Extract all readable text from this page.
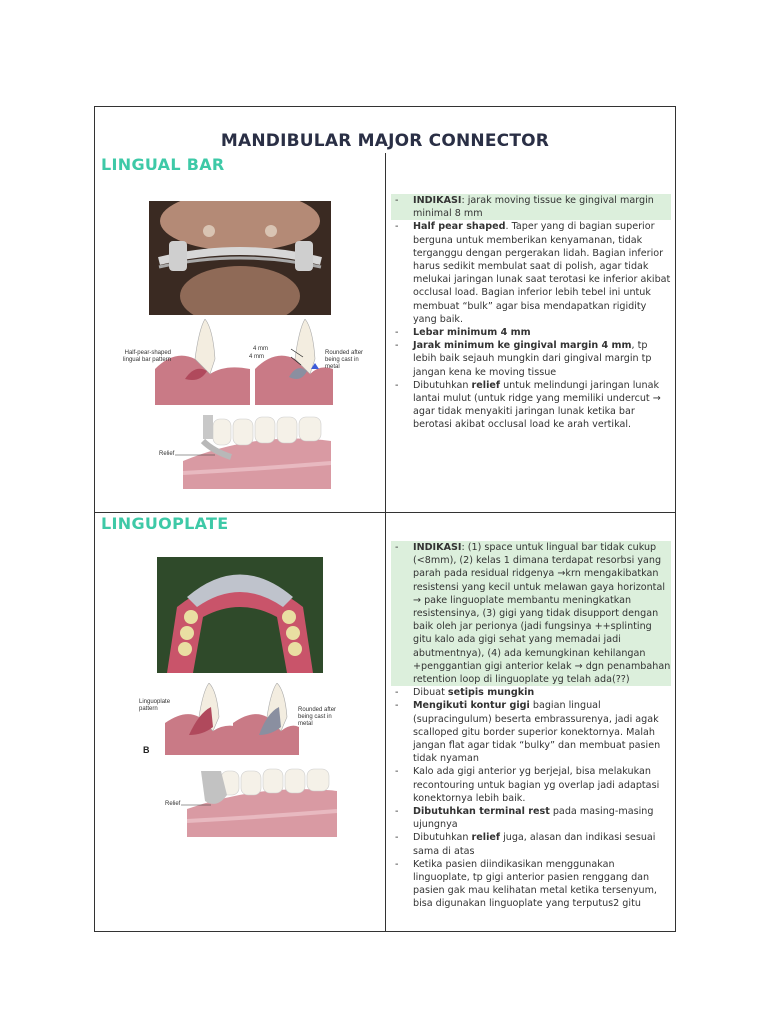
MANDIBULAR MAJOR CONNECTOR
LINGUAL BAR
Half-pear-shaped lingual bar pattern
4 mm
4 mm
Rounded after being cast in metal
Relief
- INDIKASI: jarak moving tissue ke gingival margin minimal 8 mm
- Half pear shaped. Taper yang di bagian superior berguna untuk memberikan kenyamanan, tidak terganggu dengan pergerakan lidah. Bagian inferior harus sedikit membulat saat di polish, agar tidak melukai jaringan lunak saat terotasi ke inferior akibat occlusal load. Bagian inferior lebih tebel ini untuk membuat “bulk” agar bisa mendapatkan rigidity yang baik.
- Lebar minimum 4 mm
- Jarak minimum ke gingival margin 4 mm, tp lebih baik sejauh mungkin dari gingival margin tp jangan kena ke moving tissue
- Dibutuhkan relief untuk melindungi jaringan lunak lantai mulut (untuk ridge yang memiliki undercut → agar tidak menyakiti jaringan lunak ketika bar berotasi akibat occlusal load ke arah vertikal.
LINGUOPLATE
Linguoplate pattern	Rounded after being cast in metal
B
Relief
- INDIKASI: (1) space untuk lingual bar tidak cukup (<8mm), (2) kelas 1 dimana terdapat resorbsi yang parah pada residual ridgenya →krn mengakibatkan resistensi yang kecil untuk melawan gaya horizontal → pake linguoplate membantu meningkatkan resistensinya, (3) gigi yang tidak disupport dengan baik oleh jar perionya (jadi fungsinya ++splinting gitu kalo ada gigi sehat yang memadai jadi abutmentnya), (4) ada kemungkinan kehilangan +penggantian gigi anterior kelak → dgn penambahan retention loop di linguoplate yg telah ada(??)
- Dibuat setipis mungkin
- Mengikuti kontur gigi bagian lingual (supracingulum) beserta embrassurenya, jadi agak scalloped gitu border superior konektornya. Malah jangan flat agar tidak “bulky” dan membuat pasien tidak nyaman
- Kalo ada gigi anterior yg berjejal, bisa melakukan recontouring untuk bagian yg overlap jadi adaptasi konektornya lebih baik.
- Dibutuhkan terminal rest pada masing-masing ujungnya
- Dibutuhkan relief juga, alasan dan indikasi sesuai sama di atas
- Ketika pasien diindikasikan menggunakan linguoplate, tp gigi anterior pasien renggang dan pasien gak mau kelihatan metal ketika tersenyum, bisa digunakan linguoplate yang terputus2 gitu
